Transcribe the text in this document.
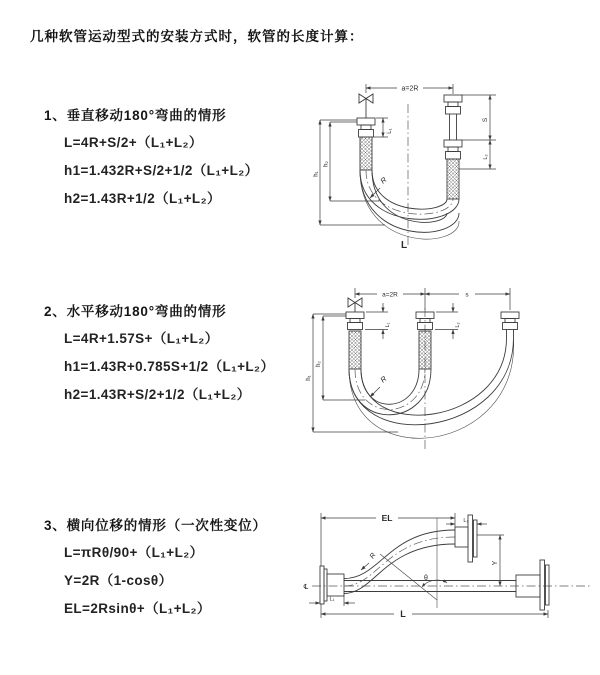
几种软管运动型式的安装方式时，软管的长度计算：
1、垂直移动180°弯曲的情形
L=4R+S/2+（L₁+L₂）
h1=1.432R+S/2+1/2（L₁+L₂）
h2=1.43R+1/2（L₁+L₂）
2、水平移动180°弯曲的情形
L=4R+1.57S+（L₁+L₂）
h1=1.43R+0.785S+1/2（L₁+L₂）
h2=1.43R+S/2+1/2（L₁+L₂）
3、横向位移的情形（一次性变位）
L=πRθ/90+（L₁+L₂）
Y=2R（1-cosθ）
EL=2Rsinθ+（L₁+L₂）
a=2R
R
h₁
h₂
L₁
S
L₂
L
a=2R	s
R
h₁
h₂
L₁	L₂
℄
θ
R
EL	L₂
Y
L₁
L
